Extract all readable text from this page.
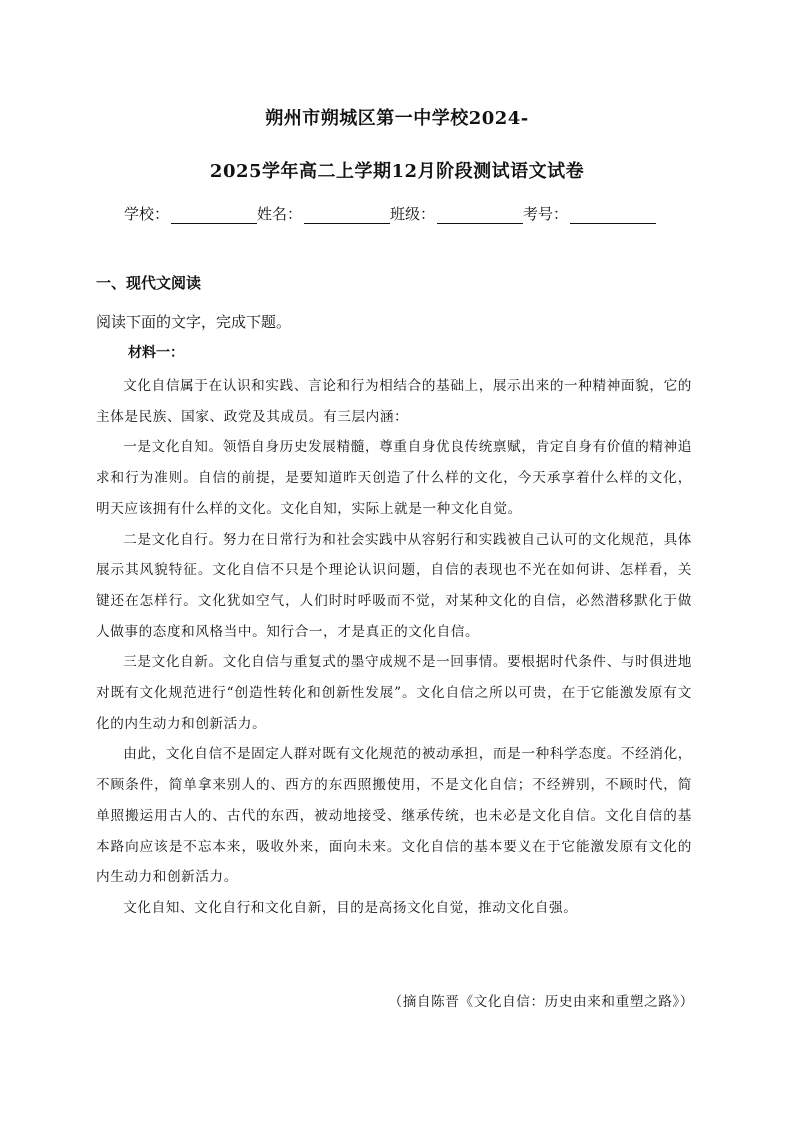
朔州市朔城区第一中学校2024-
2025学年高二上学期12月阶段测试语文试卷
学校：	姓名：	班级：	考号：
一、现代文阅读
阅读下面的文字，完成下题。
材料一：

文化自信属于在认识和实践、言论和行为相结合的基础上，展示出来的一种精神面貌，它的主体是民族、国家、政党及其成员。有三层内涵：

一是文化自知。领悟自身历史发展精髓，尊重自身优良传统禀赋，肯定自身有价值的精神追求和行为准则。自信的前提，是要知道昨天创造了什么样的文化，今天承享着什么样的文化，明天应该拥有什么样的文化。文化自知，实际上就是一种文化自觉。

二是文化自行。努力在日常行为和社会实践中从容躬行和实践被自己认可的文化规范，具体展示其风貌特征。文化自信不只是个理论认识问题，自信的表现也不光在如何讲、怎样看，关键还在怎样行。文化犹如空气，人们时时呼吸而不觉，对某种文化的自信，必然潜移默化于做人做事的态度和风格当中。知行合一，才是真正的文化自信。

三是文化自新。文化自信与重复式的墨守成规不是一回事情。要根据时代条件、与时俱进地对既有文化规范进行“创造性转化和创新性发展”。文化自信之所以可贵，在于它能激发原有文化的内生动力和创新活力。

由此，文化自信不是固定人群对既有文化规范的被动承担，而是一种科学态度。不经消化，不顾条件，简单拿来别人的、西方的东西照搬使用，不是文化自信；不经辨别，不顾时代，简单照搬运用古人的、古代的东西，被动地接受、继承传统，也未必是文化自信。文化自信的基本路向应该是不忘本来，吸收外来，面向未来。文化自信的基本要义在于它能激发原有文化的内生动力和创新活力。

文化自知、文化自行和文化自新，目的是高扬文化自觉，推动文化自强。

（摘自陈晋《文化自信：历史由来和重塑之路》）
